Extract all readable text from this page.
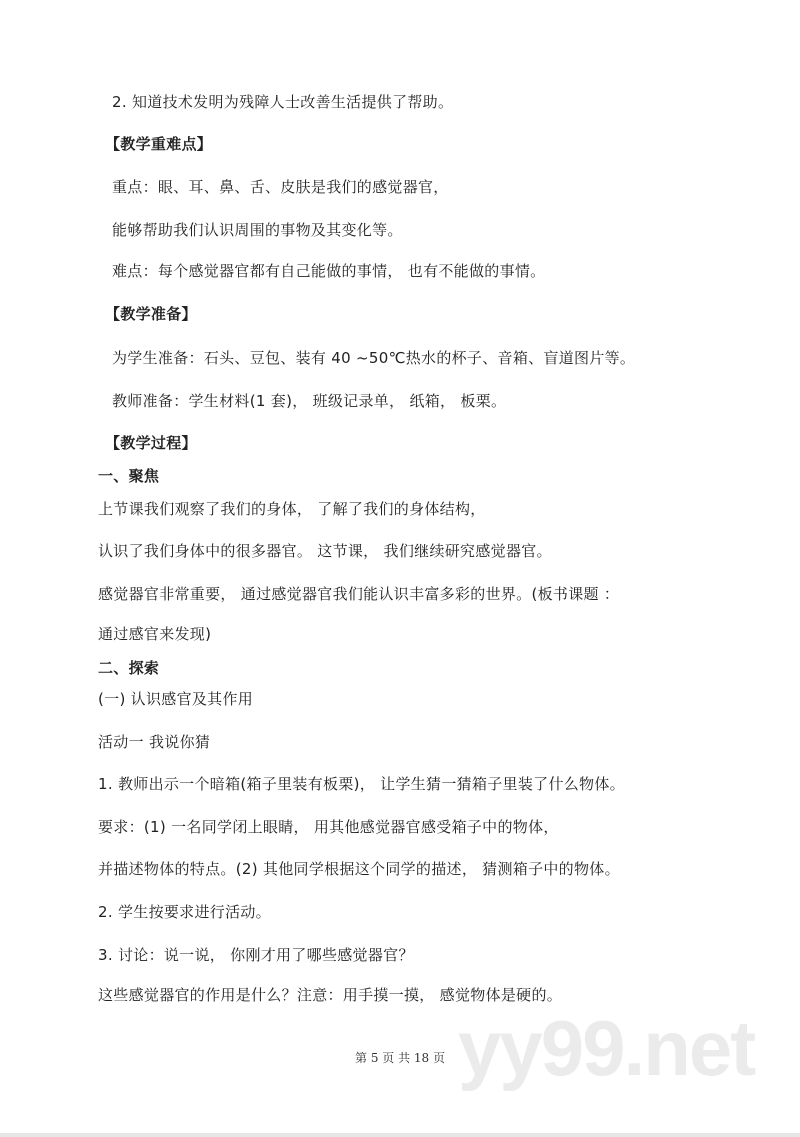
2. 知道技术发明为残障人士改善生活提供了帮助。
【教学重难点】
重点：眼、耳、鼻、舌、皮肤是我们的感觉器官，
能够帮助我们认识周围的事物及其变化等。
难点：每个感觉器官都有自己能做的事情， 也有不能做的事情。
【教学准备】
为学生准备：石头、豆包、装有 40 ~50℃热水的杯子、音箱、盲道图片等。
教师准备：学生材料(1 套)， 班级记录单， 纸箱， 板栗。
【教学过程】
一、聚焦
上节课我们观察了我们的身体， 了解了我们的身体结构，
认识了我们身体中的很多器官。 这节课， 我们继续研究感觉器官。
感觉器官非常重要， 通过感觉器官我们能认识丰富多彩的世界。(板书课题 ：
通过感官来发现)
二、探索
(一) 认识感官及其作用
活动一 我说你猜
1. 教师出示一个暗箱(箱子里装有板栗)， 让学生猜一猜箱子里装了什么物体。
要求：(1) 一名同学闭上眼睛， 用其他感觉器官感受箱子中的物体，
并描述物体的特点。(2) 其他同学根据这个同学的描述， 猜测箱子中的物体。
2. 学生按要求进行活动。
3. 讨论：说一说， 你刚才用了哪些感觉器官？
这些感觉器官的作用是什么？注意：用手摸一摸， 感觉物体是硬的。
yy99.net
第 5 页 共 18 页
